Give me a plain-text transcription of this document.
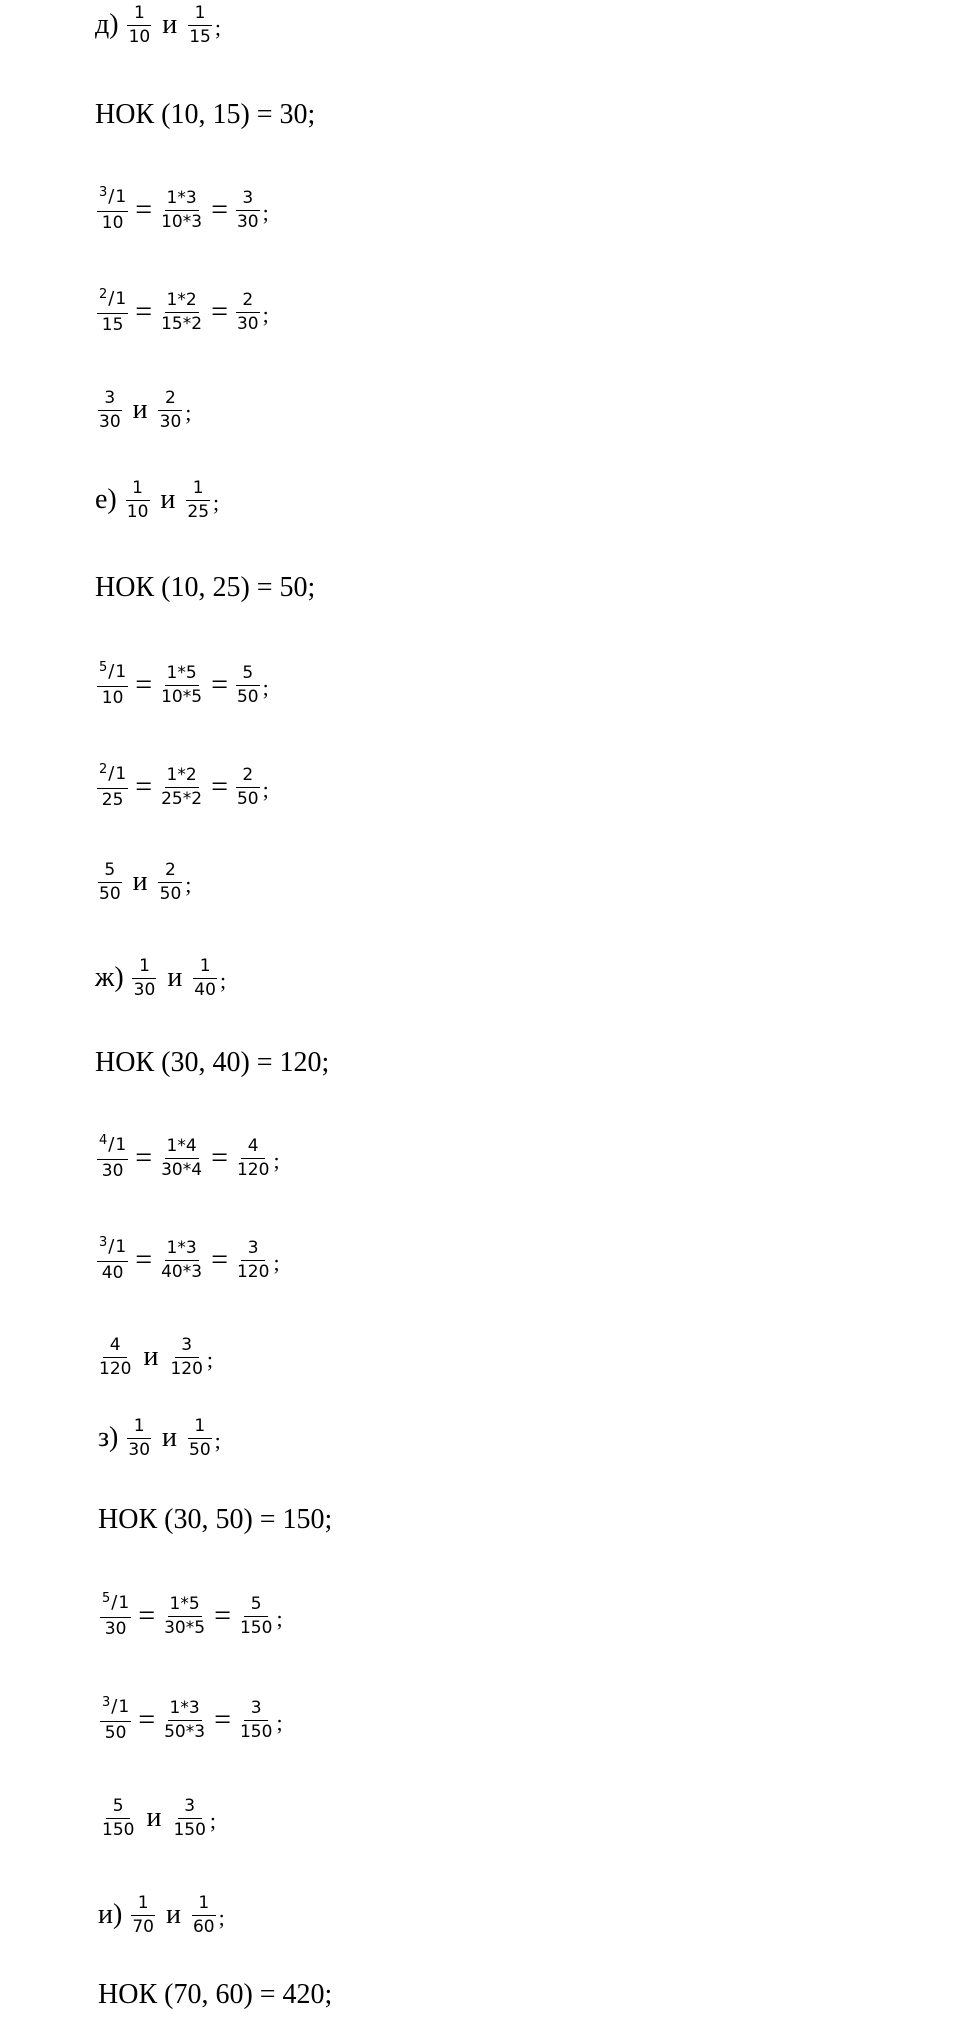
$д) \frac{1}{10}$ и $\frac{1}{15}$ ;
НОК (10, 15) = 30;
$\frac{^3/1}{10} = \frac{1*3}{10*3} = \frac{3}{30}$ ;
$\frac{^2/1}{15} = \frac{1*2}{15*2} = \frac{2}{30}$ ;
$\frac{3}{30}$ и $\frac{2}{30}$ ;
$е) \frac{1}{10}$ и $\frac{1}{25}$ ;
НОК (10, 25) = 50;
$\frac{^5/1}{10} = \frac{1*5}{10*5} = \frac{5}{50}$ ;
$\frac{^2/1}{25} = \frac{1*2}{25*2} = \frac{2}{50}$ ;
$\frac{5}{50}$ и $\frac{2}{50}$ ;
$ж) \frac{1}{30}$ и $\frac{1}{40}$ ;
НОК (30, 40) = 120;
$\frac{^4/1}{30} = \frac{1*4}{30*4} = \frac{4}{120}$ ;
$\frac{^3/1}{40} = \frac{1*3}{40*3} = \frac{3}{120}$ ;
$\frac{4}{120}$ и $\frac{3}{120}$ ;
$з) \frac{1}{30}$ и $\frac{1}{50}$ ;
НОК (30, 50) = 150;
$\frac{^5/1}{30} = \frac{1*5}{30*5} = \frac{5}{150}$ ;
$\frac{^3/1}{50} = \frac{1*3}{50*3} = \frac{3}{150}$ ;
$\frac{5}{150}$ и $\frac{3}{150}$ ;
$и) \frac{1}{70}$ и $\frac{1}{60}$ ;
НОК (70, 60) = 420;
